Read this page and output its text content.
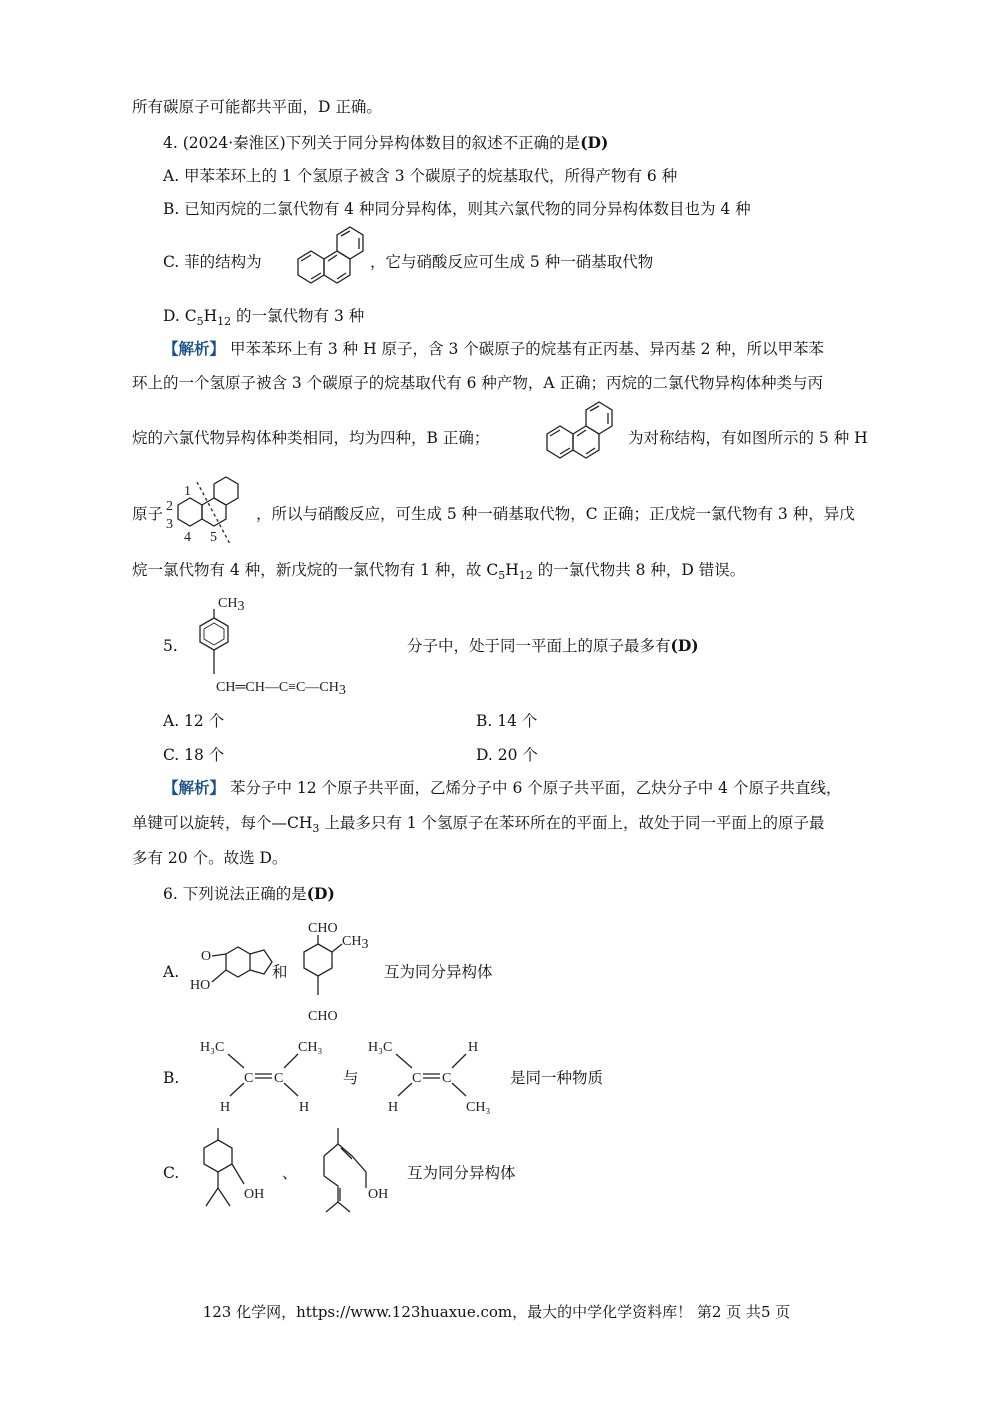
所有碳原子可能都共平面，D 正确。
4. (2024·秦淮区)下列关于同分异构体数目的叙述不正确的是(D)
A. 甲苯苯环上的 1 个氢原子被含 3 个碳原子的烷基取代，所得产物有 6 种
B. 已知丙烷的二氯代物有 4 种同分异构体，则其六氯代物的同分异构体数目也为 4 种
C. 菲的结构为	，它与硝酸反应可生成 5 种一硝基取代物
D. $C_5H_{12}$ 的一氯代物有 3 种
【解析】 甲苯苯环上有 3 种 H 原子，含 3 个碳原子的烷基有正丙基、异丙基 2 种，所以甲苯苯
环上的一个氢原子被含 3 个碳原子的烷基取代有 6 种产物，A 正确；丙烷的二氯代物异构体种类与丙
烷的六氯代物异构体种类相同，均为四种，B 正确；	为对称结构，有如图所示的 5 种 H
原子
1
2
3
4 5
，所以与硝酸反应，可生成 5 种一硝基取代物，C 正确；正戊烷一氯代物有 3 种，异戊
烷一氯代物有 4 种，新戊烷的一氯代物有 1 种，故 $C_5H_{12}$ 的一氯代物共 8 种，D 错误。
5.
CH3
CH═CH—C≡C—CH3
分子中，处于同一平面上的原子最多有(D)
A. 12 个	B. 14 个
C. 18 个	D. 20 个
【解析】 苯分子中 12 个原子共平面，乙烯分子中 6 个原子共平面，乙炔分子中 4 个原子共直线，
单键可以旋转，每个$—CH_3$ 上最多只有 1 个氢原子在苯环所在的平面上，故处于同一平面上的原子最
多有 20 个。故选 D。
6. 下列说法正确的是(D)
A.
O
HO
和
CHO
CH3
CHO
互为同分异构体
B.
H₃C	CH₃
C C
H	H
与
H₃C	H
C C
H	CH₃
是同一种物质
C.
OH
、
OH
互为同分异构体
123 化学网，https://www.123huaxue.com，最大的中学化学资料库！ 第2 页 共5 页
